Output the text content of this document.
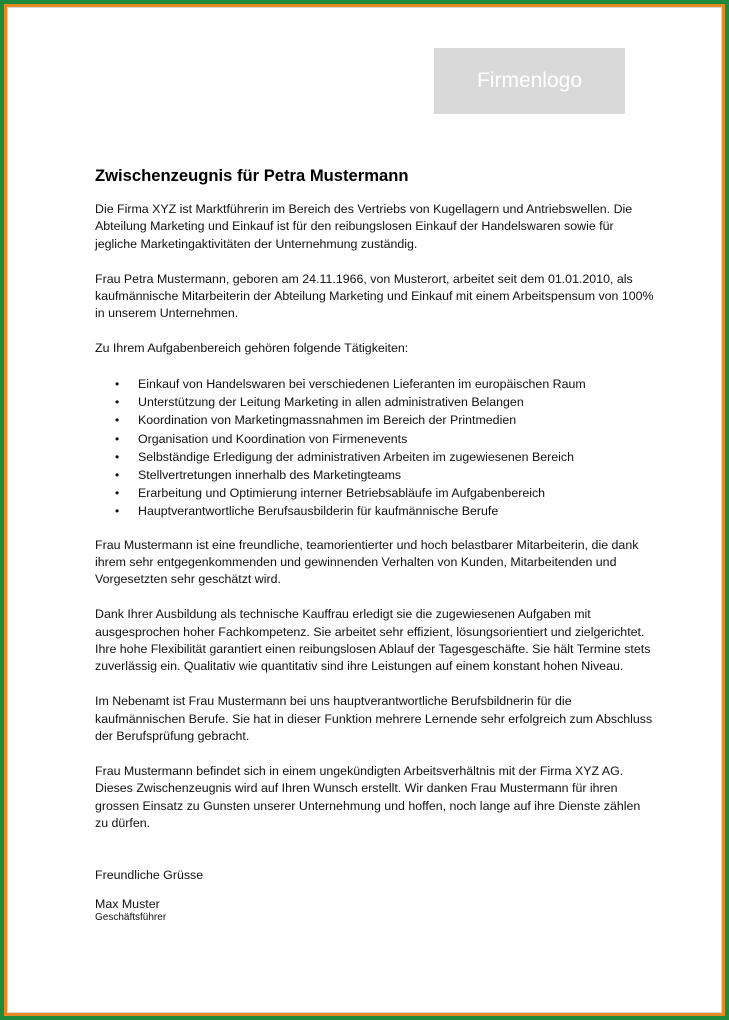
Firmenlogo
Zwischenzeugnis für Petra Mustermann

Die Firma XYZ ist Marktführerin im Bereich des Vertriebs von Kugellagern und Antriebswellen. Die Abteilung Marketing und Einkauf ist für den reibungslosen Einkauf der Handelswaren sowie für jegliche Marketingaktivitäten der Unternehmung zuständig.

Frau Petra Mustermann, geboren am 24.11.1966, von Musterort, arbeitet seit dem 01.01.2010, als kaufmännische Mitarbeiterin der Abteilung Marketing und Einkauf mit einem Arbeitspensum von 100% in unserem Unternehmen.

Zu Ihrem Aufgabenbereich gehören folgende Tätigkeiten:

• Einkauf von Handelswaren bei verschiedenen Lieferanten im europäischen Raum
• Unterstützung der Leitung Marketing in allen administrativen Belangen
• Koordination von Marketingmassnahmen im Bereich der Printmedien
• Organisation und Koordination von Firmenevents
• Selbständige Erledigung der administrativen Arbeiten im zugewiesenen Bereich
• Stellvertretungen innerhalb des Marketingteams
• Erarbeitung und Optimierung interner Betriebsabläufe im Aufgabenbereich
• Hauptverantwortliche Berufsausbilderin für kaufmännische Berufe

Frau Mustermann ist eine freundliche, teamorientierter und hoch belastbarer Mitarbeiterin, die dank ihrem sehr entgegenkommenden und gewinnenden Verhalten von Kunden, Mitarbeitenden und Vorgesetzten sehr geschätzt wird.

Dank Ihrer Ausbildung als technische Kauffrau erledigt sie die zugewiesenen Aufgaben mit ausgesprochen hoher Fachkompetenz. Sie arbeitet sehr effizient, lösungsorientiert und zielgerichtet. Ihre hohe Flexibilität garantiert einen reibungslosen Ablauf der Tagesgeschäfte. Sie hält Termine stets zuverlässig ein. Qualitativ wie quantitativ sind ihre Leistungen auf einem konstant hohen Niveau.

Im Nebenamt ist Frau Mustermann bei uns hauptverantwortliche Berufsbildnerin für die kaufmännischen Berufe. Sie hat in dieser Funktion mehrere Lernende sehr erfolgreich zum Abschluss der Berufsprüfung gebracht.

Frau Mustermann befindet sich in einem ungekündigten Arbeitsverhältnis mit der Firma XYZ AG. Dieses Zwischenzeugnis wird auf Ihren Wunsch erstellt. Wir danken Frau Mustermann für ihren grossen Einsatz zu Gunsten unserer Unternehmung und hoffen, noch lange auf ihre Dienste zählen zu dürfen.

Freundliche Grüsse
Max Muster
Geschäftsführer
